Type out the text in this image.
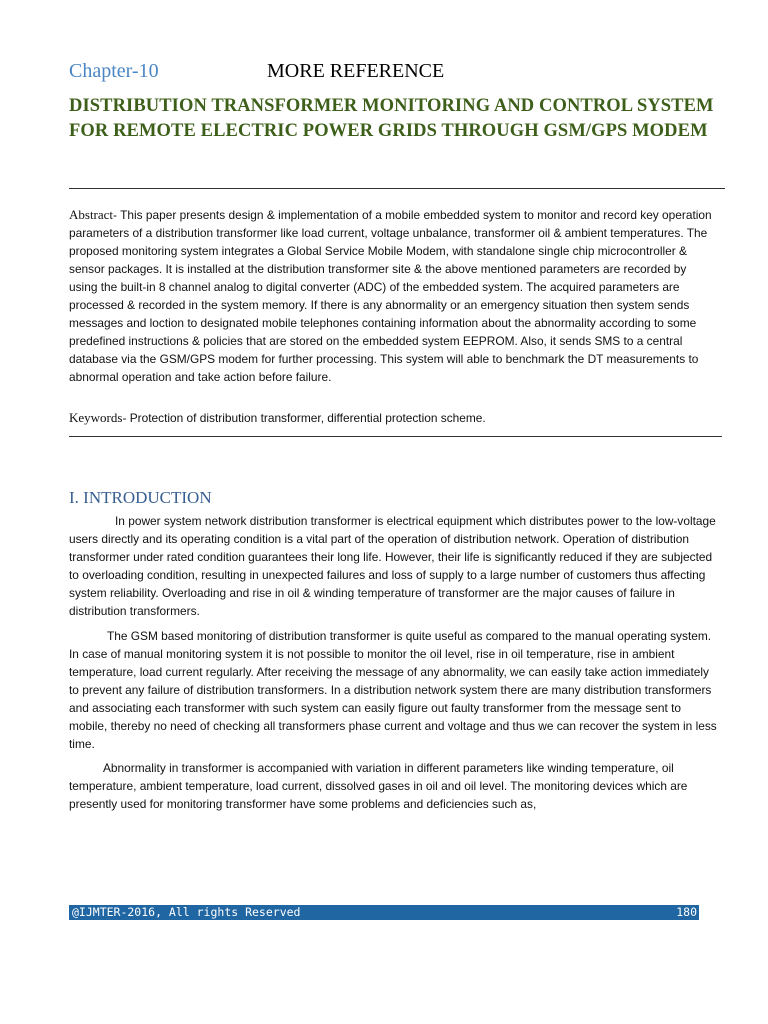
Chapter-10	MORE REFERENCE
DISTRIBUTION TRANSFORMER MONITORING AND CONTROL SYSTEM FOR REMOTE ELECTRIC POWER GRIDS THROUGH GSM/GPS MODEM
Abstract- This paper presents design & implementation of a mobile embedded system to monitor and record key operation parameters of a distribution transformer like load current, voltage unbalance, transformer oil & ambient temperatures. The proposed monitoring system integrates a Global Service Mobile Modem, with standalone single chip microcontroller & sensor packages. It is installed at the distribution transformer site & the above mentioned parameters are recorded by using the built-in 8 channel analog to digital converter (ADC) of the embedded system. The acquired parameters are processed & recorded in the system memory. If there is any abnormality or an emergency situation then system sends messages and loction to designated mobile telephones containing information about the abnormality according to some predefined instructions & policies that are stored on the embedded system EEPROM. Also, it sends SMS to a central database via the GSM/GPS modem for further processing. This system will able to benchmark the DT measurements to abnormal operation and take action before failure.
Keywords- Protection of distribution transformer, differential protection scheme.
I. INTRODUCTION

In power system network distribution transformer is electrical equipment which distributes power to the low-voltage users directly and its operating condition is a vital part of the operation of distribution network. Operation of distribution transformer under rated condition guarantees their long life. However, their life is significantly reduced if they are subjected to overloading condition, resulting in unexpected failures and loss of supply to a large number of customers thus affecting system reliability. Overloading and rise in oil & winding temperature of transformer are the major causes of failure in distribution transformers.

The GSM based monitoring of distribution transformer is quite useful as compared to the manual operating system. In case of manual monitoring system it is not possible to monitor the oil level, rise in oil temperature, rise in ambient temperature, load current regularly. After receiving the message of any abnormality, we can easily take action immediately to prevent any failure of distribution transformers. In a distribution network system there are many distribution transformers and associating each transformer with such system can easily figure out faulty transformer from the message sent to mobile, thereby no need of checking all transformers phase current and voltage and thus we can recover the system in less time.

Abnormality in transformer is accompanied with variation in different parameters like winding temperature, oil temperature, ambient temperature, load current, dissolved gases in oil and oil level. The monitoring devices which are presently used for monitoring transformer have some problems and deficiencies such as,

@IJMTER-2016, All rights Reserved	180
